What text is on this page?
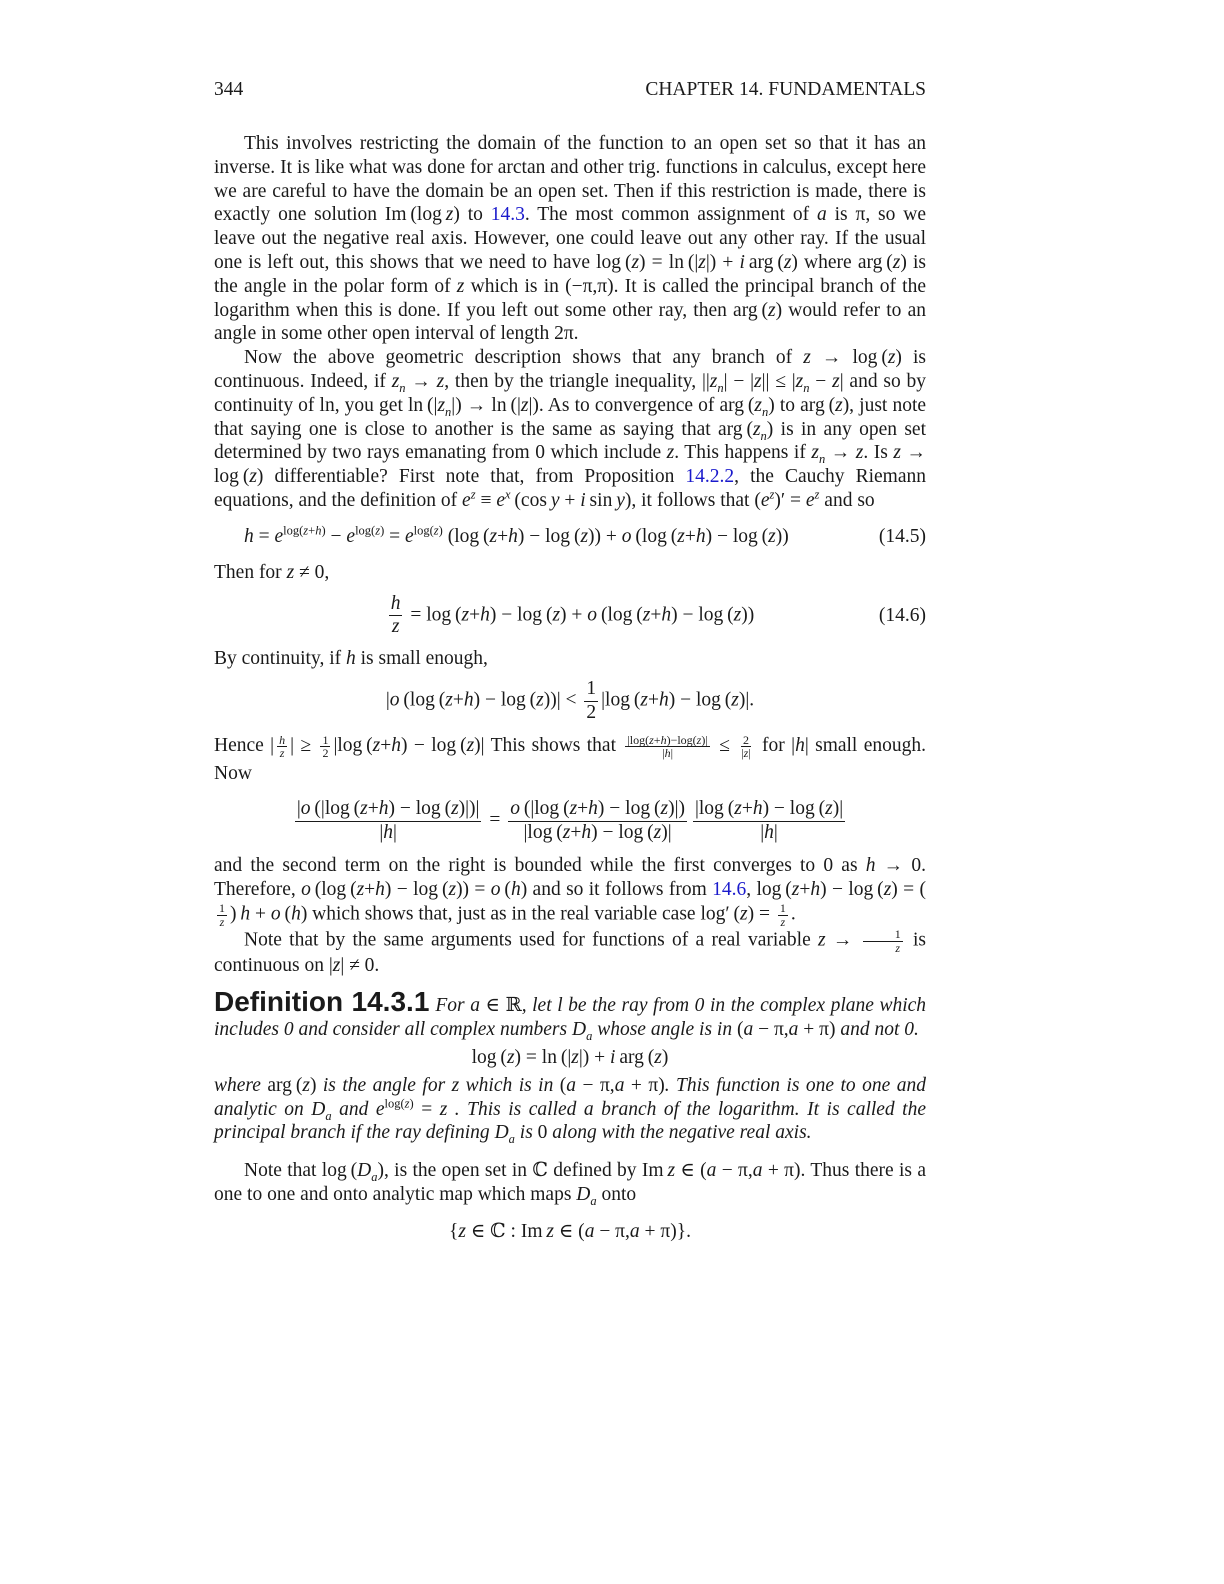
344	CHAPTER 14. FUNDAMENTALS

This involves restricting the domain of the function to an open set so that it has an inverse. It is like what was done for arctan and other trig. functions in calculus, except here we are careful to have the domain be an open set. Then if this restriction is made, there is exactly one solution Im (log z) to 14.3. The most common assignment of a is π, so we leave out the negative real axis. However, one could leave out any other ray. If the usual one is left out, this shows that we need to have log (z) = ln (|z|) + i arg (z) where arg (z) is the angle in the polar form of z which is in (−π,π). It is called the principal branch of the logarithm when this is done. If you left out some other ray, then arg (z) would refer to an angle in some other open interval of length 2π.

Now the above geometric description shows that any branch of z → log (z) is continuous. Indeed, if $z_n \to z$, then by the triangle inequality, $||z_n| - |z|| \le |z_n - z|$ and so by continuity of ln, you get $\ln (|z_n|) \to \ln (|z|)$. As to convergence of arg $(z_n)$ to arg (z), just note that saying one is close to another is the same as saying that arg $(z_n)$ is in any open set determined by two rays emanating from 0 which include z. This happens if $z_n \to z$. Is z → log (z) differentiable? First note that, from Proposition 14.2.2, the Cauchy Riemann equations, and the definition of $e^z \equiv e^x$ (cos y + i sin y), it follows that $(e^z)' = e^z$ and so

$h = e^{log(z+h)} - e^{log(z)} = e^{log(z)}$ (log (z+h) − log (z)) + o (log (z+h) − log (z))	(14.5)

Then for z ≠ 0,

$\frac{h}{z} = \log (z+h) - \log (z) + o$ (log (z+h) − log (z))	(14.6)

By continuity, if h is small enough,

|o (log $(z+h) - \log (z))| < \frac{1}{2} |\log$ (z+h) − log (z)|.

Hence | $\frac{h}{z}$ | ≥ $\frac{1}{2} |\log$ (z+h) − log (z)| This shows that $\frac{|\log(z+h)-\log(z)|}{|h|} \le \frac{2}{|z|}$ for |h| small enough. Now

$\frac{|o (|\log (z+h) - \log (z)|)|}{|h|} = \frac{o (|\log (z+h) - \log (z)|)}{|\log (z+h) - \log (z)|} \frac{|\log (z+h) - \log (z)|}{|h|}$

and the second term on the right is bounded while the first converges to 0 as h → 0. Therefore, o (log (z+h) − log (z)) = o (h) and so it follows from 14.6, log (z+h) − log (z) = (
$\frac{1}{z}$ ) h + o (h) which shows that, just as in the real variable case log′ $(z) = \frac{1}{z}$ .

Note that by the same arguments used for functions of a real variable $z \to \frac{1}{z}$ is continuous on |z| ≠ 0.

Definition 14.3.1 For a ∈ ℝ, let l be the ray from 0 in the complex plane which includes 0 and consider all complex numbers $D_a$ whose angle is in (a − π,a + π) and not 0.

log (z) = ln (|z|) + i arg (z)

where arg (z) is the angle for z which is in (a − π,a + π). This function is one to one and analytic on $D_a$ and $e^{log(z)} = z$ . This is called a branch of the logarithm. It is called the principal branch if the ray defining $D_a$ is 0 along with the negative real axis.

Note that $\log (D_a)$, is the open set in ℂ defined by Im z ∈ (a − π,a + π). Thus there is a one to one and onto analytic map which maps $D_a$ onto

{z ∈ ℂ : Im z ∈ (a − π,a + π)}.
